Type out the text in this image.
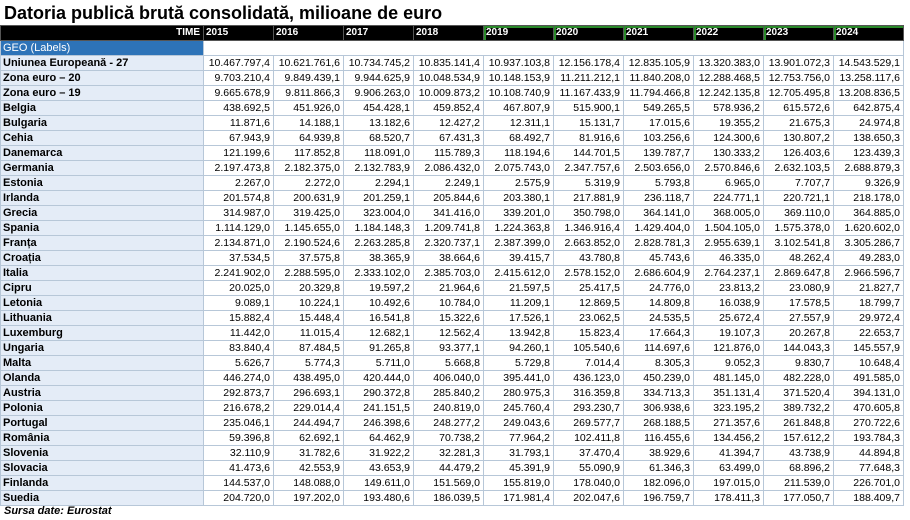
Datoria publică brută consolidată, milioane de euro
TIME	2015	2016	2017	2018	2019	2020	2021	2022	2023	2024
GEO (Labels)										
Uniunea Europeană - 27	10.467.797,4	10.621.761,6	10.734.745,2	10.835.141,4	10.937.103,8	12.156.178,4	12.835.105,9	13.320.383,0	13.901.072,3	14.543.529,1
Zona euro – 20	9.703.210,4	9.849.439,1	9.944.625,9	10.048.534,9	10.148.153,9	11.211.212,1	11.840.208,0	12.288.468,5	12.753.756,0	13.258.117,6
Zona euro – 19	9.665.678,9	9.811.866,3	9.906.263,0	10.009.873,2	10.108.740,9	11.167.433,9	11.794.466,8	12.242.135,8	12.705.495,8	13.208.836,5
Belgia	438.692,5	451.926,0	454.428,1	459.852,4	467.807,9	515.900,1	549.265,5	578.936,2	615.572,6	642.875,4
Bulgaria	11.871,6	14.188,1	13.182,6	12.427,2	12.311,1	15.131,7	17.015,6	19.355,2	21.675,3	24.974,8
Cehia	67.943,9	64.939,8	68.520,7	67.431,3	68.492,7	81.916,6	103.256,6	124.300,6	130.807,2	138.650,3
Danemarca	121.199,6	117.852,8	118.091,0	115.789,3	118.194,6	144.701,5	139.787,7	130.333,2	126.403,6	123.439,3
Germania	2.197.473,8	2.182.375,0	2.132.783,9	2.086.432,0	2.075.743,0	2.347.757,6	2.503.656,0	2.570.846,6	2.632.103,5	2.688.879,3
Estonia	2.267,0	2.272,0	2.294,1	2.249,1	2.575,9	5.319,9	5.793,8	6.965,0	7.707,7	9.326,9
Irlanda	201.574,8	200.631,9	201.259,1	205.844,6	203.380,1	217.881,9	236.118,7	224.771,1	220.721,1	218.178,0
Grecia	314.987,0	319.425,0	323.004,0	341.416,0	339.201,0	350.798,0	364.141,0	368.005,0	369.110,0	364.885,0
Spania	1.114.129,0	1.145.655,0	1.184.148,3	1.209.741,8	1.224.363,8	1.346.916,4	1.429.404,0	1.504.105,0	1.575.378,0	1.620.602,0
Franța	2.134.871,0	2.190.524,6	2.263.285,8	2.320.737,1	2.387.399,0	2.663.852,0	2.828.781,3	2.955.639,1	3.102.541,8	3.305.286,7
Croația	37.534,5	37.575,8	38.365,9	38.664,6	39.415,7	43.780,8	45.743,6	46.335,0	48.262,4	49.283,0
Italia	2.241.902,0	2.288.595,0	2.333.102,0	2.385.703,0	2.415.612,0	2.578.152,0	2.686.604,9	2.764.237,1	2.869.647,8	2.966.596,7
Cipru	20.025,0	20.329,8	19.597,2	21.964,6	21.597,5	25.417,5	24.776,0	23.813,2	23.080,9	21.827,7
Letonia	9.089,1	10.224,1	10.492,6	10.784,0	11.209,1	12.869,5	14.809,8	16.038,9	17.578,5	18.799,7
Lithuania	15.882,4	15.448,4	16.541,8	15.322,6	17.526,1	23.062,5	24.535,5	25.672,4	27.557,9	29.972,4
Luxemburg	11.442,0	11.015,4	12.682,1	12.562,4	13.942,8	15.823,4	17.664,3	19.107,3	20.267,8	22.653,7
Ungaria	83.840,4	87.484,5	91.265,8	93.377,1	94.260,1	105.540,6	114.697,6	121.876,0	144.043,3	145.557,9
Malta	5.626,7	5.774,3	5.711,0	5.668,8	5.729,8	7.014,4	8.305,3	9.052,3	9.830,7	10.648,4
Olanda	446.274,0	438.495,0	420.444,0	406.040,0	395.441,0	436.123,0	450.239,0	481.145,0	482.228,0	491.585,0
Austria	292.873,7	296.693,1	290.372,8	285.840,2	280.975,3	316.359,8	334.713,3	351.131,4	371.520,4	394.131,0
Polonia	216.678,2	229.014,4	241.151,5	240.819,0	245.760,4	293.230,7	306.938,6	323.195,2	389.732,2	470.605,8
Portugal	235.046,1	244.494,7	246.398,6	248.277,2	249.043,6	269.577,7	268.188,5	271.357,6	261.848,8	270.722,6
România	59.396,8	62.692,1	64.462,9	70.738,2	77.964,2	102.411,8	116.455,6	134.456,2	157.612,2	193.784,3
Slovenia	32.110,9	31.782,6	31.922,2	32.281,3	31.793,1	37.470,4	38.929,6	41.394,7	43.738,9	44.894,8
Slovacia	41.473,6	42.553,9	43.653,9	44.479,2	45.391,9	55.090,9	61.346,3	63.499,0	68.896,2	77.648,3
Finlanda	144.537,0	148.088,0	149.611,0	151.569,0	155.819,0	178.040,0	182.096,0	197.015,0	211.539,0	226.701,0
Suedia	204.720,0	197.202,0	193.480,6	186.039,5	171.981,4	202.047,6	196.759,7	178.411,3	177.050,7	188.409,7
Sursa date: Eurostat
